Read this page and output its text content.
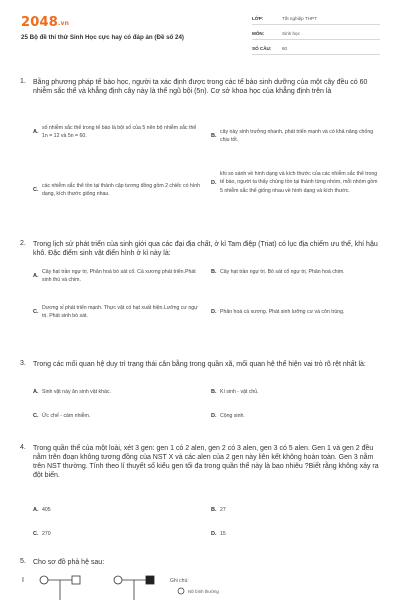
2048.vn
25 Bộ đề thi thử Sinh Học cực hay có đáp án (Đề số 24)
LỚP:	Tốt nghiệp THPT
MÔN:	Sinh học
SỐ CÂU:	60
1. Bằng phương pháp tế bào học, người ta xác định được trong các tế bào sinh dưỡng của một cây đều có 60 nhiễm sắc thể và khẳng định cây này là thể ngũ bội (5n). Cơ sở khoa học của khẳng định trên là
A.
số nhiễm sắc thể trong tế bào là bội số của 5 nên bộ nhiễm sắc thể 1n = 12 và 5n = 60.	B.
cây này sinh trưởng nhanh, phát triển mạnh và có khả năng chống chịu tốt.
C.
các nhiễm sắc thể tồn tại thành cặp tương đồng gồm 2 chiếc có hình dạng, kích thước giống nhau.
D.
khi so sánh về hình dạng và kích thước của các nhiễm sắc thể trong tế bào, người ta thấy chúng tồn tại thành từng nhóm, mỗi nhóm gồm 5 nhiễm sắc thể giống nhau về hình dạng và kích thước.
2. Trong lịch sử phát triển của sinh giới qua các đại địa chất, ở kỉ Tam điệp (Triat) có lục địa chiếm ưu thế, khí hậu khô. Đặc điểm sinh vật điển hình ở kỉ này là:
A.
Cây hạt trần ngự trị. Phân hoá bò sát cổ. Cá xương phát triển.Phát sinh thú và chim.
B. Cây hạt trần ngự trị. Bò sát cổ ngự trị. Phân hoá chim.
C.
Dương xỉ phát triển mạnh. Thực vật có hạt xuất hiện.Lưỡng cư ngự trị. Phát sinh bò sát.
D. Phân hoá cá xương. Phát sinh lưỡng cư và côn trùng.
3. Trong các mối quan hệ duy trì trạng thái cân bằng trong quần xã, mối quan hệ thể hiện vai trò rõ rệt nhất là:
A. Sinh vật này ăn sinh vật khác.	B. Kí sinh - vật chủ.
C. Ức chế - cảm nhiễm.	D. Cộng sinh.
4. Trong quần thể của một loài, xét 3 gen: gen 1 có 2 alen, gen 2 có 3 alen, gen 3 có 5 alen. Gen 1 và gen 2 đều nằm trên đoạn không tương đồng của NST X và các alen của 2 gen này liên kết không hoàn toàn. Gen 3 nằm trên NST thường. Tính theo lí thuyết số kiểu gen tối đa trong quần thể này là bao nhiêu ?Biết rằng không xảy ra đột biến.
A. 405	B. 27
C. 270	D. 15
5. Cho sơ đồ phả hệ sau:
I	Ghi chú:
Nữ bình thường
